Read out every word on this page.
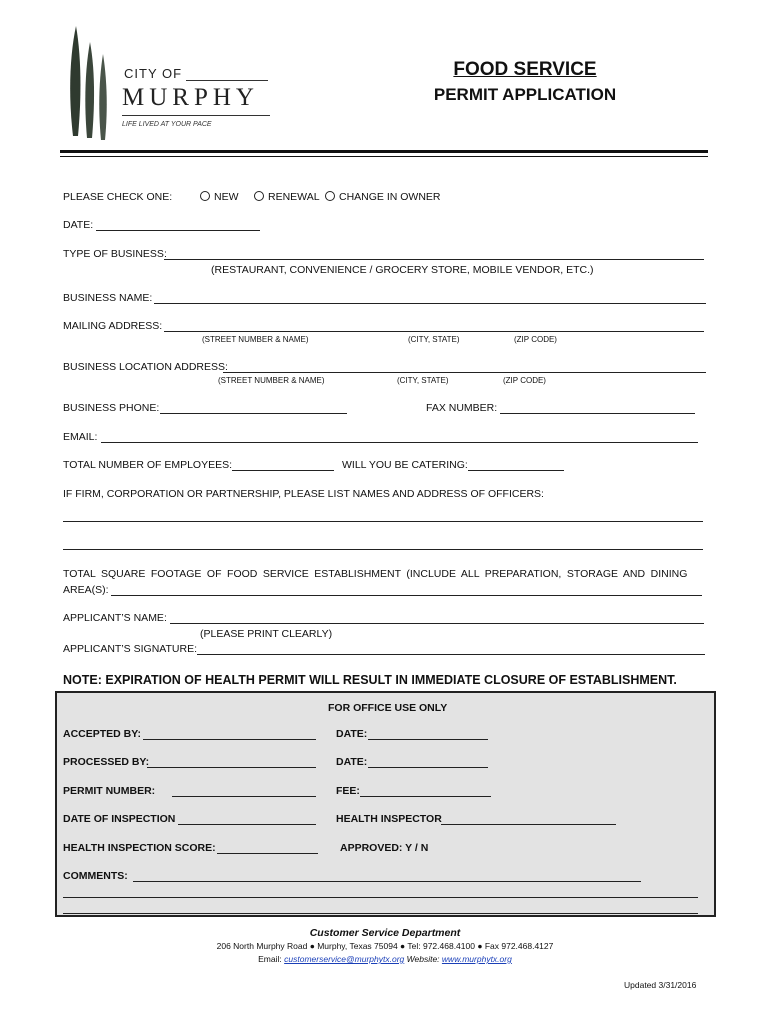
CITY OF
MURPHY
LIFE LIVED AT YOUR PACE
FOOD SERVICE
PERMIT APPLICATION
PLEASE CHECK ONE:	NEW	RENEWAL	CHANGE IN OWNER
DATE:
TYPE OF BUSINESS:
(RESTAURANT, CONVENIENCE / GROCERY STORE, MOBILE VENDOR, ETC.)
BUSINESS NAME:
MAILING ADDRESS:
(STREET NUMBER & NAME)	(CITY, STATE)	(ZIP CODE)
BUSINESS LOCATION ADDRESS:
(STREET NUMBER & NAME)	(CITY, STATE)	(ZIP CODE)
BUSINESS PHONE:	FAX NUMBER:
EMAIL:
TOTAL NUMBER OF EMPLOYEES:	WILL YOU BE CATERING:
IF FIRM, CORPORATION OR PARTNERSHIP, PLEASE LIST NAMES AND ADDRESS OF OFFICERS:
TOTAL SQUARE FOOTAGE OF FOOD SERVICE ESTABLISHMENT (INCLUDE ALL PREPARATION, STORAGE AND DINING
AREA(S):
APPLICANT’S NAME:
(PLEASE PRINT CLEARLY)
APPLICANT’S SIGNATURE:
NOTE: EXPIRATION OF HEALTH PERMIT WILL RESULT IN IMMEDIATE CLOSURE OF ESTABLISHMENT.
FOR OFFICE USE ONLY
ACCEPTED BY:	DATE:
PROCESSED BY:	DATE:
PERMIT NUMBER:	FEE:
DATE OF INSPECTION	HEALTH INSPECTOR
HEALTH INSPECTION SCORE:	APPROVED: Y / N
COMMENTS:
Customer Service Department
206 North Murphy Road ● Murphy, Texas 75094 ● Tel: 972.468.4100 ● Fax 972.468.4127
Email: customerservice@murphytx.org Website: www.murphytx.org
Updated 3/31/2016
